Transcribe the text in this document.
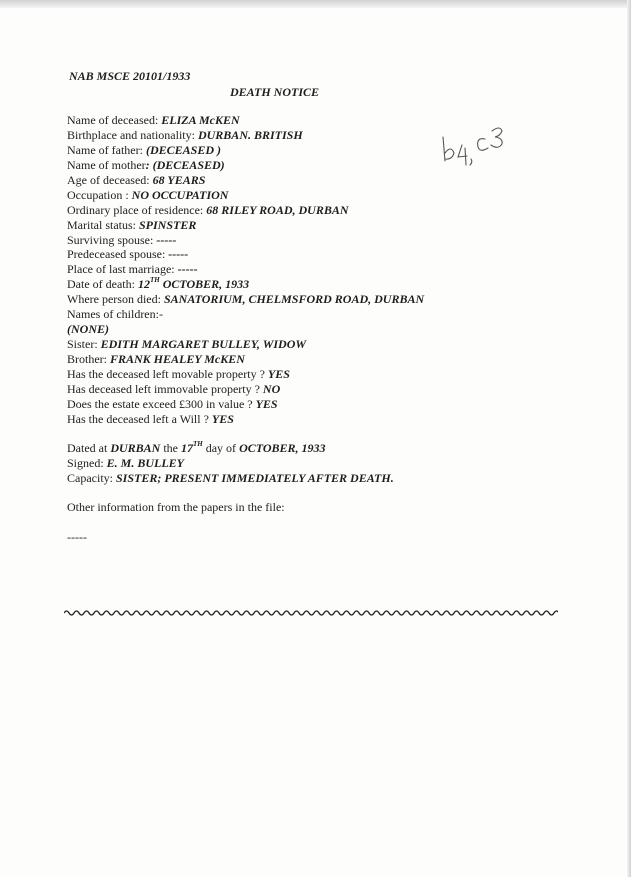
NAB MSCE 20101/1933
DEATH NOTICE
Name of deceased: ELIZA McKEN
Birthplace and nationality: DURBAN. BRITISH
Name of father: (DECEASED )
Name of mother: (DECEASED)
Age of deceased: 68 YEARS
Occupation : NO OCCUPATION
Ordinary place of residence: 68 RILEY ROAD, DURBAN
Marital status: SPINSTER
Surviving spouse: -----
Predeceased spouse: -----
Place of last marriage: -----
Date of death: 12TH OCTOBER, 1933
Where person died: SANATORIUM, CHELMSFORD ROAD, DURBAN
Names of children:-
(NONE)
Sister: EDITH MARGARET BULLEY, WIDOW
Brother: FRANK HEALEY McKEN
Has the deceased left movable property ? YES
Has deceased left immovable property ? NO
Does the estate exceed £300 in value ? YES
Has the deceased left a Will ? YES
Dated at DURBAN the 17TH day of OCTOBER, 1933
Signed: E. M. BULLEY
Capacity: SISTER; PRESENT IMMEDIATELY AFTER DEATH.
Other information from the papers in the file:
-----
